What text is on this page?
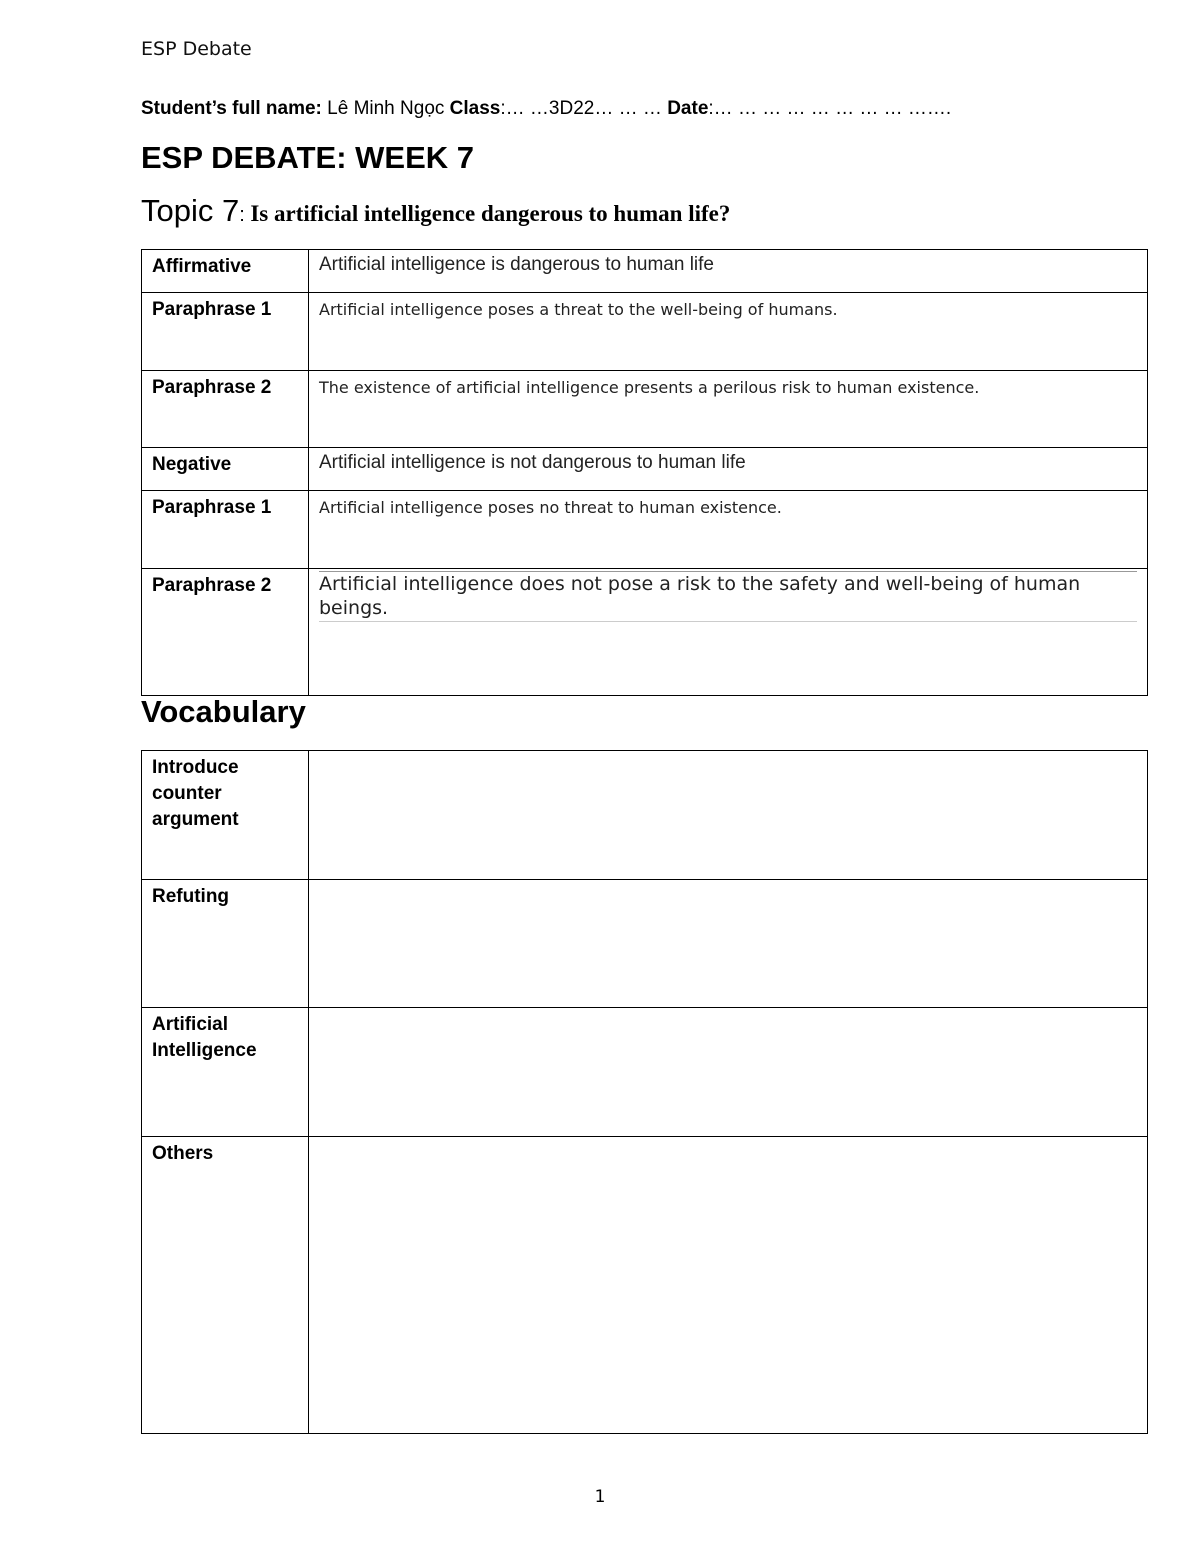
ESP Debate
Student’s full name: Lê Minh Ngọc Class:… …3D22… … … Date:… … … … … … … … …….
ESP DEBATE: WEEK 7
Topic 7: Is artificial intelligence dangerous to human life?
Affirmative	Artificial intelligence is dangerous to human life
Paraphrase 1	Artificial intelligence poses a threat to the well-being of humans.
Paraphrase 2	The existence of artificial intelligence presents a perilous risk to human existence.
Negative	Artificial intelligence is not dangerous to human life
Paraphrase 1	Artificial intelligence poses no threat to human existence.
Paraphrase 2	Artificial intelligence does not pose a risk to the safety and well-being of human beings.
Vocabulary
Introduce counter argument	
Refuting	
Artificial Intelligence	
Others	
1
